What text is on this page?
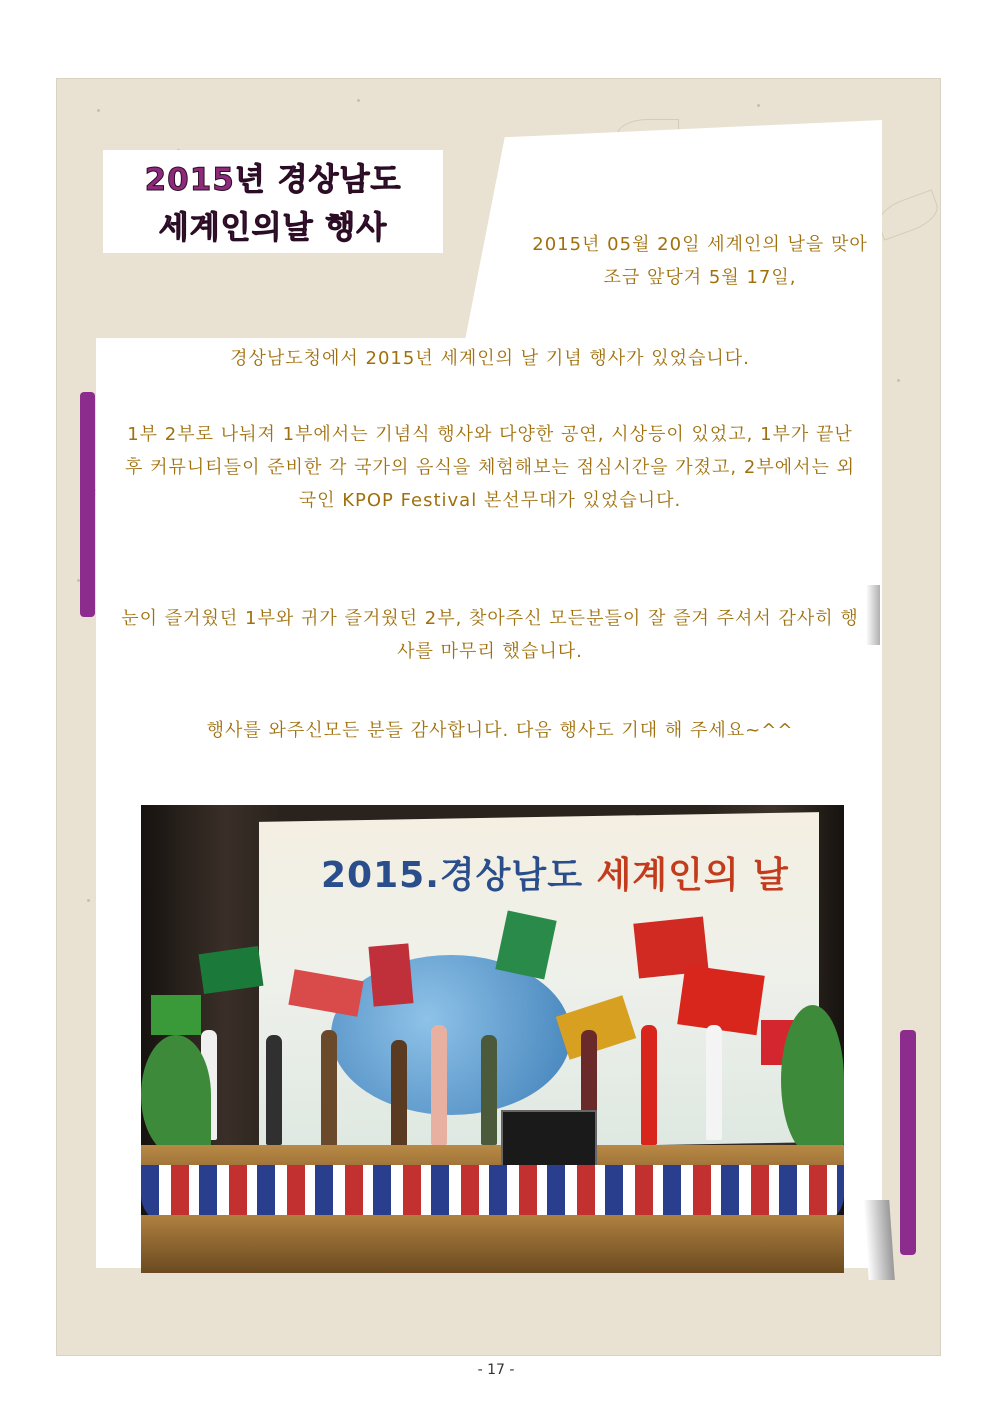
2015년 경상남도
세계인의날 행사	2015년 05월 20일 세계인의 날을 맞아 조금 앞당겨 5월 17일,
경상남도청에서 2015년 세계인의 날 기념 행사가 있었습니다.
1부 2부로 나눠져 1부에서는 기념식 행사와 다양한 공연, 시상등이 있었고, 1부가 끝난 후 커뮤니티들이 준비한 각 국가의 음식을 체험해보는 점심시간을 가졌고, 2부에서는 외국인 KPOP Festival 본선무대가 있었습니다.
눈이 즐거웠던 1부와 귀가 즐거웠던 2부, 찾아주신 모든분들이 잘 즐겨 주셔서 감사히 행사를 마무리 했습니다.
행사를 와주신모든 분들 감사합니다. 다음 행사도 기대 해 주세요~^^
2015.경상남도 세계인의 날
- 17 -
